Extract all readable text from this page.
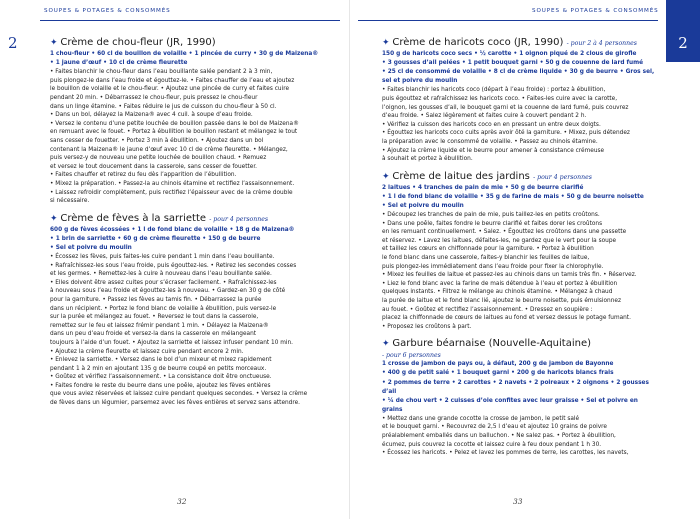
SOUPES & POTAGES & CONSOMMÉS
2	✦ Crème de chou-fleur (JR, 1990)
1 chou-fleur • 60 cl de bouillon de volaille • 1 pincée de curry • 30 g de Maizena®
• 1 jaune d’œuf • 10 cl de crème fleurette
• Faites blanchir le chou-fleur dans l’eau bouillante salée pendant 2 à 3 min,
puis plongez-le dans l’eau froide et égouttez-le. • Faites chauffer de l’eau et ajoutez
le bouillon de volaille et le chou-fleur. • Ajoutez une pincée de curry et faites cuire
pendant 20 min. • Débarrassez le chou-fleur, puis pressez le chou-fleur
dans un linge étamine. • Faites réduire le jus de cuisson du chou-fleur à 50 cl.
• Dans un bol, délayez la Maizena® avec 4 cuil. à soupe d’eau froide.
• Versez le contenu d’une petite louchée de bouillon passée dans le bol de Maizena®
en remuant avec le fouet. • Portez à ébullition le bouillon restant et mélangez le tout
sans cesser de fouetter. • Portez 3 min à ébullition. • Ajoutez dans un bol
contenant la Maizena® le jaune d’œuf avec 10 cl de crème fleurette. • Mélangez,
puis versez-y de nouveau une petite louchée de bouillon chaud. • Remuez
et versez le tout doucement dans la casserole, sans cesser de fouetter.
• Faites chauffer et retirez du feu dès l’apparition de l’ébullition.
• Mixez la préparation. • Passez-la au chinois étamine et rectifiez l’assaisonnement.
• Laissez refroidir complètement, puis rectifiez l’épaisseur avec de la crème double
si nécessaire.
✦ Crème de fèves à la sarriette - pour 4 personnes
600 g de fèves écossées • 1 l de fond blanc de volaille • 18 g de Maizena®
• 1 brin de sarriette • 60 g de crème fleurette • 150 g de beurre
• Sel et poivre du moulin
• Écossez les fèves, puis faites-les cuire pendant 1 min dans l’eau bouillante.
• Rafraîchissez-les sous l’eau froide, puis égouttez-les. • Retirez les secondes cosses
et les germes. • Remettez-les à cuire à nouveau dans l’eau bouillante salée.
• Elles doivent être assez cuites pour s’écraser facilement. • Rafraîchissez-les
à nouveau sous l’eau froide et égouttez-les à nouveau. • Gardez-en 30 g de côté
pour la garniture. • Passez les fèves au tamis fin. • Débarrassez la purée
dans un récipient. • Portez le fond blanc de volaille à ébullition, puis versez-le
sur la purée et mélangez au fouet. • Reversez le tout dans la casserole,
remettez sur le feu et laissez frémir pendant 1 min. • Délayez la Maizena®
dans un peu d’eau froide et versez-la dans la casserole en mélangeant
toujours à l’aide d’un fouet. • Ajoutez la sarriette et laissez infuser pendant 10 min.
• Ajoutez la crème fleurette et laissez cuire pendant encore 2 min.
• Enlevez la sarriette. • Versez dans le bol d’un mixeur et mixez rapidement
pendant 1 à 2 min en ajoutant 135 g de beurre coupé en petits morceaux.
• Goûtez et vérifiez l’assaisonnement. • La consistance doit être onctueuse.
• Faites fondre le reste du beurre dans une poêle, ajoutez les fèves entières
que vous aviez réservées et laissez cuire pendant quelques secondes. • Versez la crème
de fèves dans un légumier, parsemez avec les fèves entières et servez sans attendre.
32
SOUPES & POTAGES & CONSOMMÉS
2
✦ Crème de haricots coco (JR, 1990) - pour 2 à 4 personnes
150 g de haricots coco secs • ½ carotte • 1 oignon piqué de 2 clous de girofle
• 3 gousses d’ail pelées • 1 petit bouquet garni • 50 g de couenne de lard fumé
• 25 cl de consommé de volaille • 8 cl de crème liquide • 30 g de beurre • Gros sel,
sel et poivre du moulin
• Faites blanchir les haricots coco (départ à l’eau froide) : portez à ébullition,
puis égouttez et rafraîchissez les haricots coco. • Faites-les cuire avec la carotte,
l’oignon, les gousses d’ail, le bouquet garni et la couenne de lard fumé, puis couvrez
d’eau froide. • Salez légèrement et faites cuire à couvert pendant 2 h.
• Vérifiez la cuisson des haricots coco en en pressant un entre deux doigts.
• Égouttez les haricots coco cuits après avoir ôté la garniture. • Mixez, puis détendez
la préparation avec le consommé de volaille. • Passez au chinois étamine.
• Ajoutez la crème liquide et le beurre pour amener à consistance crémeuse
à souhait et portez à ébullition.
✦ Crème de laitue des jardins - pour 4 personnes
2 laitues • 4 tranches de pain de mie • 50 g de beurre clarifié
• 1 l de fond blanc de volaille • 35 g de farine de mais • 50 g de beurre noisette
• Sel et poivre du moulin
• Découpez les tranches de pain de mie, puis taillez-les en petits croûtons.
• Dans une poêle, faites fondre le beurre clarifié et faites dorer les croûtons
en les remuant continuellement. • Salez. • Égouttez les croûtons dans une passette
et réservez. • Lavez les laitues, défaites-les, ne gardez que le vert pour la soupe
et taillez les cœurs en chiffonnade pour la garniture. • Portez à ébullition
le fond blanc dans une casserole, faites-y blanchir les feuilles de laitue,
puis plongez-les immédiatement dans l’eau froide pour fixer la chlorophylle.
• Mixez les feuilles de laitue et passez-les au chinois dans un tamis très fin. • Réservez.
• Liez le fond blanc avec la farine de mais détendue à l’eau et portez à ébullition
quelques instants. • Filtrez le mélange au chinois étamine. • Mélangez à chaud
la purée de laitue et le fond blanc lié, ajoutez le beurre noisette, puis émulsionnez
au fouet. • Goûtez et rectifiez l’assaisonnement. • Dressez en soupière :
placez la chiffonnade de cœurs de laitues au fond et versez dessus le potage fumant.
• Proposez les croûtons à part.
✦ Garbure béarnaise (Nouvelle-Aquitaine)
- pour 6 personnes
1 crosse de jambon de pays ou, à défaut, 200 g de jambon de Bayonne
• 400 g de petit salé • 1 bouquet garni • 200 g de haricots blancs frais
• 2 pommes de terre • 2 carottes • 2 navets • 2 poireaux • 2 oignons • 2 gousses d’ail
• ¼ de chou vert • 2 cuisses d’oie confites avec leur graisse • Sel et poivre en grains
• Mettez dans une grande cocotte la crosse de jambon, le petit salé
et le bouquet garni. • Recouvrez de 2,5 l d’eau et ajoutez 10 grains de poivre
préalablement emballés dans un balluchon. • Ne salez pas. • Portez à ébullition,
écumez, puis couvrez la cocotte et laissez cuire à feu doux pendant 1 h 30.
• Écossez les haricots. • Pelez et lavez les pommes de terre, les carottes, les navets,
33
